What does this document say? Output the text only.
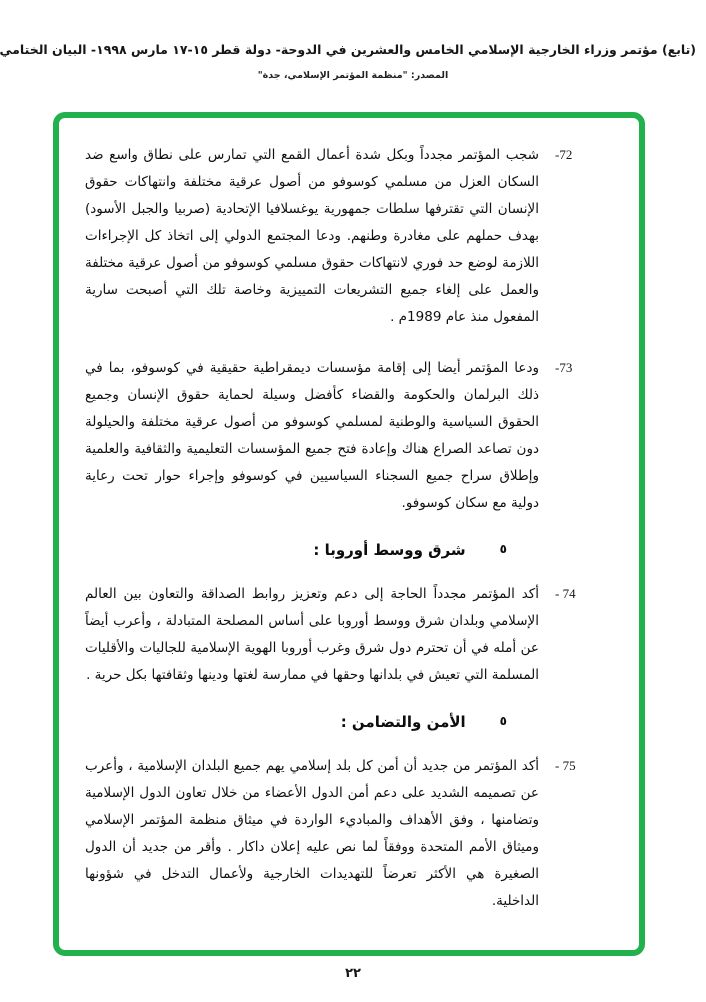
(تابع) مؤتمر وزراء الخارجية الإسلامي الخامس والعشرين في الدوحة- دولة قطر ١٥-١٧ مارس ١٩٩٨- البيان الختامي
المصدر: "منظمة المؤتمر الإسلامي، جدة"
-72

شجب المؤتمر مجدداً وبكل شدة أعمال القمع التي تمارس على نطاق واسع ضد السكان العزل من مسلمي كوسوفو من أصول عرقية مختلفة وانتهاكات حقوق الإنسان التي تقترفها سلطات جمهورية يوغسلافيا الإتحادية (صربيا والجبل الأسود) بهدف حملهم على مغادرة وطنهم. ودعا المجتمع الدولي إلى اتخاذ كل الإجراءات اللازمة لوضع حد فوري لانتهاكات حقوق مسلمي كوسوفو من أصول عرقية مختلفة والعمل على إلغاء جميع التشريعات التمييزية وخاصة تلك التي أصبحت سارية المفعول منذ عام 1989م .

-73

ودعا المؤتمر أيضا إلى إقامة مؤسسات ديمقراطية حقيقية في كوسوفو، بما في ذلك البرلمان والحكومة والقضاء كأفضل وسيلة لحماية حقوق الإنسان وجميع الحقوق السياسية والوطنية لمسلمي كوسوفو من أصول عرقية مختلفة والحيلولة دون تصاعد الصراع هناك وإعادة فتح جميع المؤسسات التعليمية والثقافية والعلمية وإطلاق سراح جميع السجناء السياسيين في كوسوفو وإجراء حوار تحت رعاية دولية مع سكان كوسوفو.

٥
شرق ووسط أوروبا :
- 74

أكد المؤتمر مجدداً الحاجة إلى دعم وتعزيز روابط الصداقة والتعاون بين العالم الإسلامي وبلدان شرق ووسط أوروبا على أساس المصلحة المتبادلة ، وأعرب أيضاً عن أمله في أن تحترم دول شرق وغرب أوروبا الهوية الإسلامية للجاليات والأقليات المسلمة التي تعيش في بلدانها وحقها في ممارسة لغتها ودينها وثقافتها بكل حرية .

٥
الأمن والتضامن :
- 75

أكد المؤتمر من جديد أن أمن كل بلد إسلامي يهم جميع البلدان الإسلامية ، وأعرب عن تصميمه الشديد على دعم أمن الدول الأعضاء من خلال تعاون الدول الإسلامية وتضامنها ، وفق الأهداف والمباديء الواردة في ميثاق منظمة المؤتمر الإسلامي وميثاق الأمم المتحدة ووفقاً لما نص عليه إعلان داكار . وأقر من جديد أن الدول الصغيرة هي الأكثر تعرضاً للتهديدات الخارجية ولأعمال التدخل في شؤونها الداخلية.

٢٢
